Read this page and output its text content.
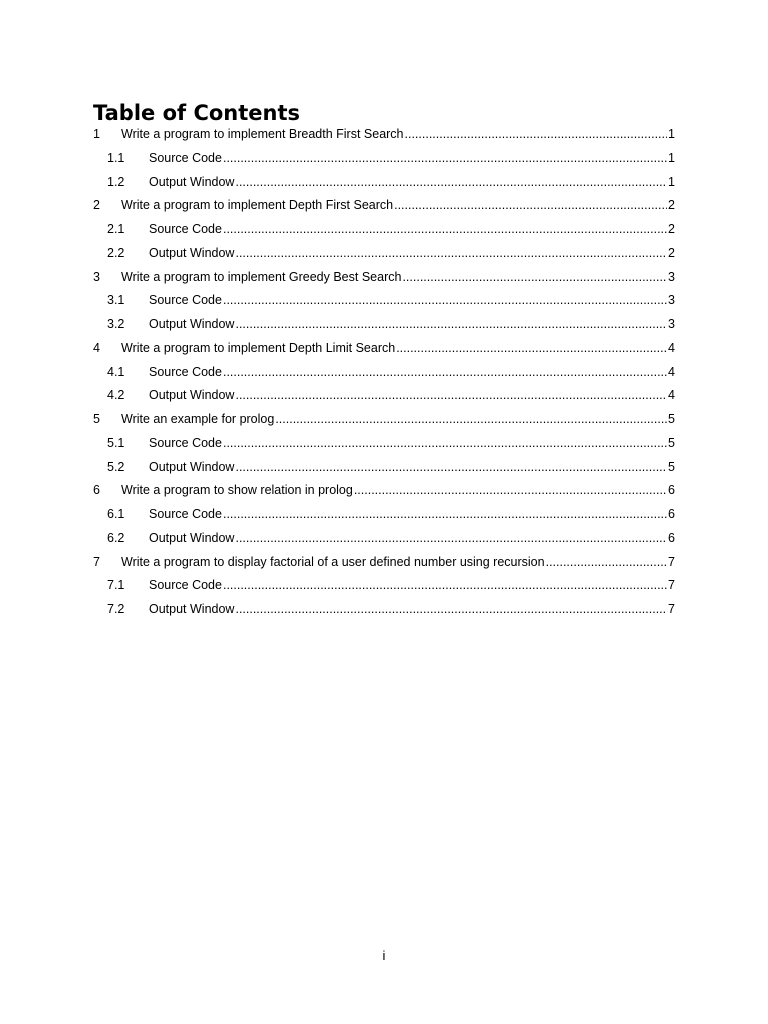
Table of Contents
1	Write a program to implement Breadth First Search .....	1
1.1	Source Code .....	1
1.2	Output Window .....	1
2	Write a program to implement Depth First Search .....	2
2.1	Source Code .....	2
2.2	Output Window .....	2
3	Write a program to implement Greedy Best Search .....	3
3.1	Source Code .....	3
3.2	Output Window .....	3
4	Write a program to implement Depth Limit Search .....	4
4.1	Source Code .....	4
4.2	Output Window .....	4
5	Write an example for prolog .....	5
5.1	Source Code .....	5
5.2	Output Window .....	5
6	Write a program to show relation in prolog .....	6
6.1	Source Code .....	6
6.2	Output Window .....	6
7	Write a program to display factorial of a user defined number using recursion .....	7
7.1	Source Code .....	7
7.2	Output Window .....	7
i
